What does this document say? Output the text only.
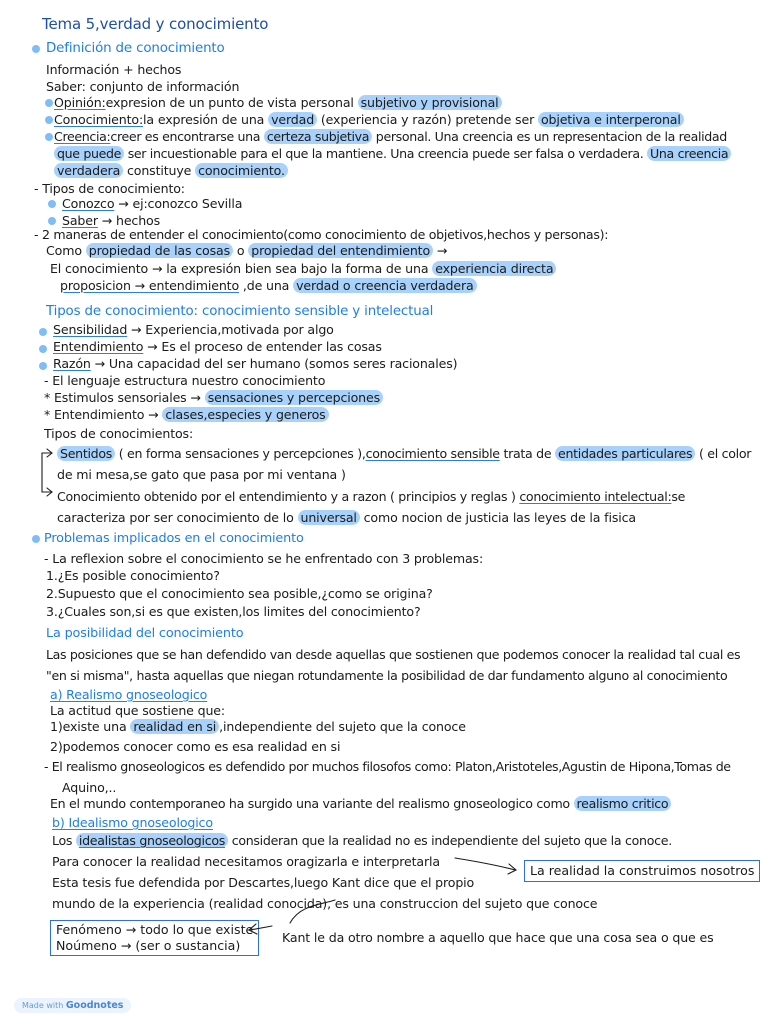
Tema 5,verdad y conocimiento
Definición de conocimiento
Información + hechos
Saber: conjunto de información
Opinión:expresion de un punto de vista personal subjetivo y provisional
Conocimiento:la expresión de una verdad (experiencia y razón) pretende ser objetiva e interperonal
Creencia:creer es encontrarse una certeza subjetiva personal. Una creencia es un representacion de la realidad
que puede ser incuestionable para el que la mantiene. Una creencia puede ser falsa o verdadera. Una creencia
verdadera constituye conocimiento.
- Tipos de conocimiento:
Conozco → ej:conozco Sevilla
Saber → hechos
- 2 maneras de entender el conocimiento(como conocimiento de objetivos,hechos y personas):
Como propiedad de las cosas o propiedad del entendimiento →
El conocimiento → la expresión bien sea bajo la forma de una experiencia directa
proposicion → entendimiento ,de una verdad o creencia verdadera
Tipos de conocimiento: conocimiento sensible y intelectual
Sensibilidad → Experiencia,motivada por algo
Entendimiento → Es el proceso de entender las cosas
Razón → Una capacidad del ser humano (somos seres racionales)
- El lenguaje estructura nuestro conocimiento
* Estimulos sensoriales → sensaciones y percepciones
* Entendimiento → clases,especies y generos
Tipos de conocimientos:
Sentidos ( en forma sensaciones y percepciones ),conocimiento sensible trata de entidades particulares ( el color
de mi mesa,se gato que pasa por mi ventana )
Conocimiento obtenido por el entendimiento y a razon ( principios y reglas ) conocimiento intelectual:se
caracteriza por ser conocimiento de lo universal como nocion de justicia las leyes de la fisica
Problemas implicados en el conocimiento
- La reflexion sobre el conocimiento se he enfrentado con 3 problemas:
1.¿Es posible conocimiento?
2.Supuesto que el conocimiento sea posible,¿como se origina?
3.¿Cuales son,si es que existen,los limites del conocimiento?
La posibilidad del conocimiento
Las posiciones que se han defendido van desde aquellas que sostienen que podemos conocer la realidad tal cual es
"en si misma", hasta aquellas que niegan rotundamente la posibilidad de dar fundamento alguno al conocimiento
a) Realismo gnoseologico
La actitud que sostiene que:
1)existe una realidad en si ,independiente del sujeto que la conoce
2)podemos conocer como es esa realidad en si
- El realismo gnoseologicos es defendido por muchos filosofos como: Platon,Aristoteles,Agustin de Hipona,Tomas de
Aquino,..
En el mundo contemporaneo ha surgido una variante del realismo gnoseologico como realismo critico
b) Idealismo gnoseologico
Los idealistas gnoseologicos consideran que la realidad no es independiente del sujeto que la conoce.
Para conocer la realidad necesitamos oragizarla e interpretarla
Esta tesis fue defendida por Descartes,luego Kant dice que el propio
mundo de la experiencia (realidad conocida), es una construccion del sujeto que conoce
La realidad la construimos nosotros
Fenómeno → todo lo que existe
Noúmeno → (ser o sustancia)
Kant le da otro nombre a aquello que hace que una cosa sea o que es
Made with Goodnotes
